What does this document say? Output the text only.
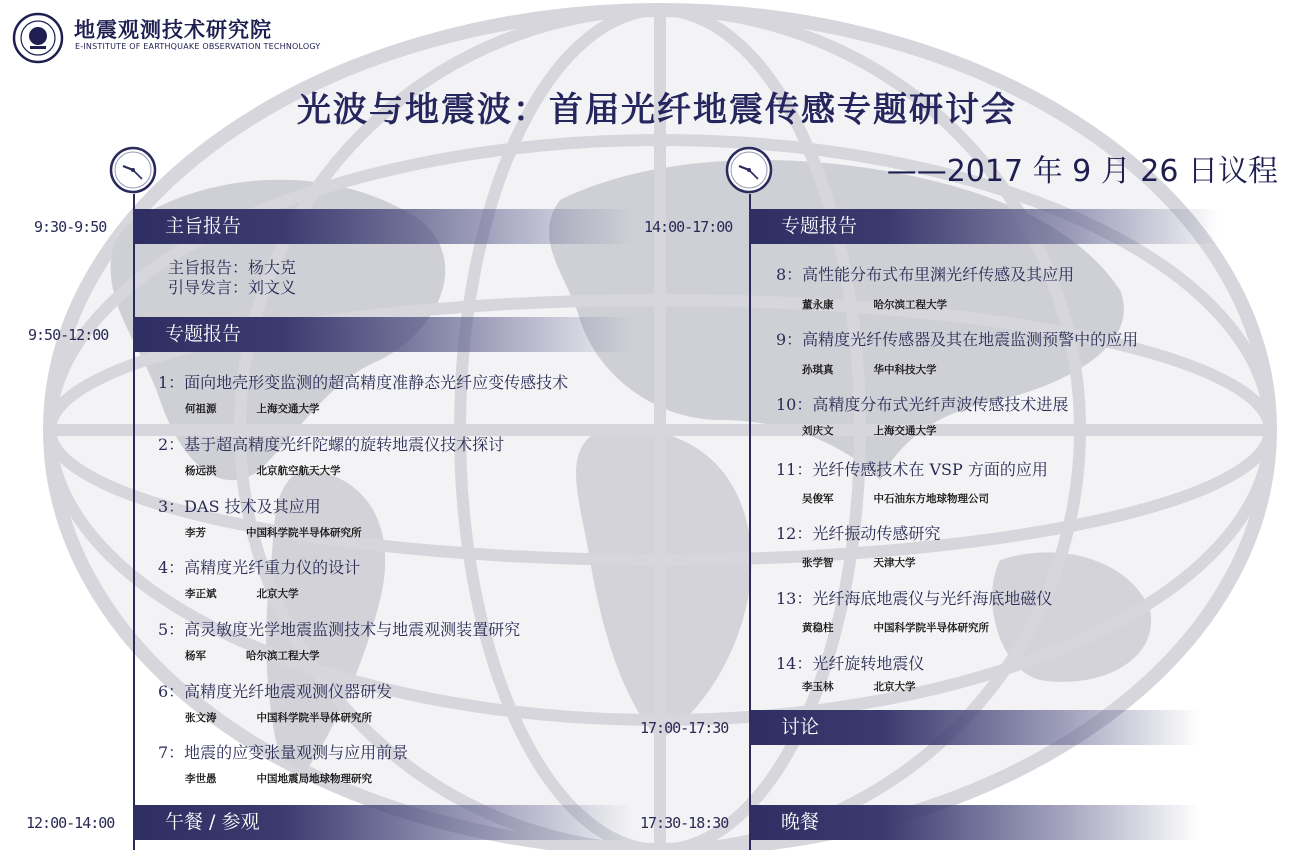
地震观测技术研究院
E-INSTITUTE OF EARTHQUAKE OBSERVATION TECHNOLOGY
光波与地震波：首届光纤地震传感专题研讨会
——2017 年 9 月 26 日议程
9:30-9:50	主旨报告
主旨报告：杨大克
引导发言：刘文义
9:50-12:00	专题报告
1：面向地壳形变监测的超高精度准静态光纤应变传感技术
何祖源	上海交通大学
2：基于超高精度光纤陀螺的旋转地震仪技术探讨
杨远洪	北京航空航天大学
3：DAS 技术及其应用
李芳	中国科学院半导体研究所
4：高精度光纤重力仪的设计
李正斌	北京大学
5：高灵敏度光学地震监测技术与地震观测装置研究
杨军	哈尔滨工程大学
6：高精度光纤地震观测仪器研发
张文涛	中国科学院半导体研究所
7：地震的应变张量观测与应用前景
李世愚	中国地震局地球物理研究
12:00-14:00	午餐 / 参观
14:00-17:00	专题报告
8：高性能分布式布里渊光纤传感及其应用
董永康	哈尔滨工程大学
9：高精度光纤传感器及其在地震监测预警中的应用
孙琪真	华中科技大学
10：高精度分布式光纤声波传感技术进展
刘庆文	上海交通大学
11：光纤传感技术在 VSP 方面的应用
吴俊军	中石油东方地球物理公司
12：光纤振动传感研究
张学智	天津大学
13：光纤海底地震仪与光纤海底地磁仪
黄稳柱	中国科学院半导体研究所
14：光纤旋转地震仪
李玉林	北京大学
17:00-17:30	讨论
17:30-18:30	晚餐
